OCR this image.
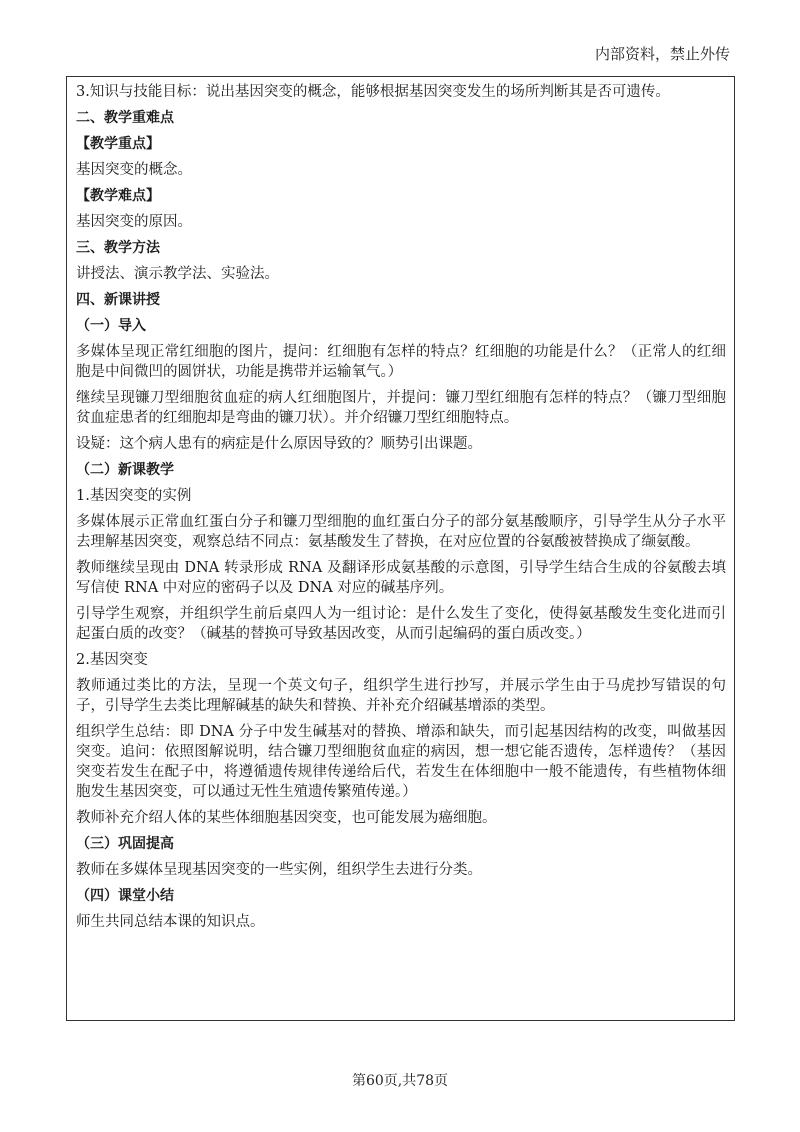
内部资料，禁止外传

3.知识与技能目标：说出基因突变的概念，能够根据基因突变发生的场所判断其是否可遗传。

二、教学重难点

【教学重点】

基因突变的概念。

【教学难点】

基因突变的原因。

三、教学方法

讲授法、演示教学法、实验法。

四、新课讲授

（一）导入

多媒体呈现正常红细胞的图片，提问：红细胞有怎样的特点？红细胞的功能是什么？（正常人的红细胞是中间微凹的圆饼状，功能是携带并运输氧气。）

继续呈现镰刀型细胞贫血症的病人红细胞图片，并提问：镰刀型红细胞有怎样的特点？（镰刀型细胞贫血症患者的红细胞却是弯曲的镰刀状）。并介绍镰刀型红细胞特点。

设疑：这个病人患有的病症是什么原因导致的？顺势引出课题。

（二）新课教学

1.基因突变的实例

多媒体展示正常血红蛋白分子和镰刀型细胞的血红蛋白分子的部分氨基酸顺序，引导学生从分子水平去理解基因突变，观察总结不同点：氨基酸发生了替换，在对应位置的谷氨酸被替换成了缬氨酸。

教师继续呈现由 DNA 转录形成 RNA 及翻译形成氨基酸的示意图，引导学生结合生成的谷氨酸去填写信使 RNA 中对应的密码子以及 DNA 对应的碱基序列。

引导学生观察，并组织学生前后桌四人为一组讨论：是什么发生了变化，使得氨基酸发生变化进而引起蛋白质的改变？（碱基的替换可导致基因改变，从而引起编码的蛋白质改变。）

2.基因突变

教师通过类比的方法，呈现一个英文句子，组织学生进行抄写，并展示学生由于马虎抄写错误的句子，引导学生去类比理解碱基的缺失和替换、并补充介绍碱基增添的类型。

组织学生总结：即 DNA 分子中发生碱基对的替换、增添和缺失，而引起基因结构的改变，叫做基因突变。追问：依照图解说明，结合镰刀型细胞贫血症的病因，想一想它能否遗传，怎样遗传？（基因突变若发生在配子中，将遵循遗传规律传递给后代，若发生在体细胞中一般不能遗传，有些植物体细胞发生基因突变，可以通过无性生殖遗传繁殖传递。）

教师补充介绍人体的某些体细胞基因突变，也可能发展为癌细胞。

（三）巩固提高

教师在多媒体呈现基因突变的一些实例，组织学生去进行分类。

（四）课堂小结

师生共同总结本课的知识点。

第60页,共78页
